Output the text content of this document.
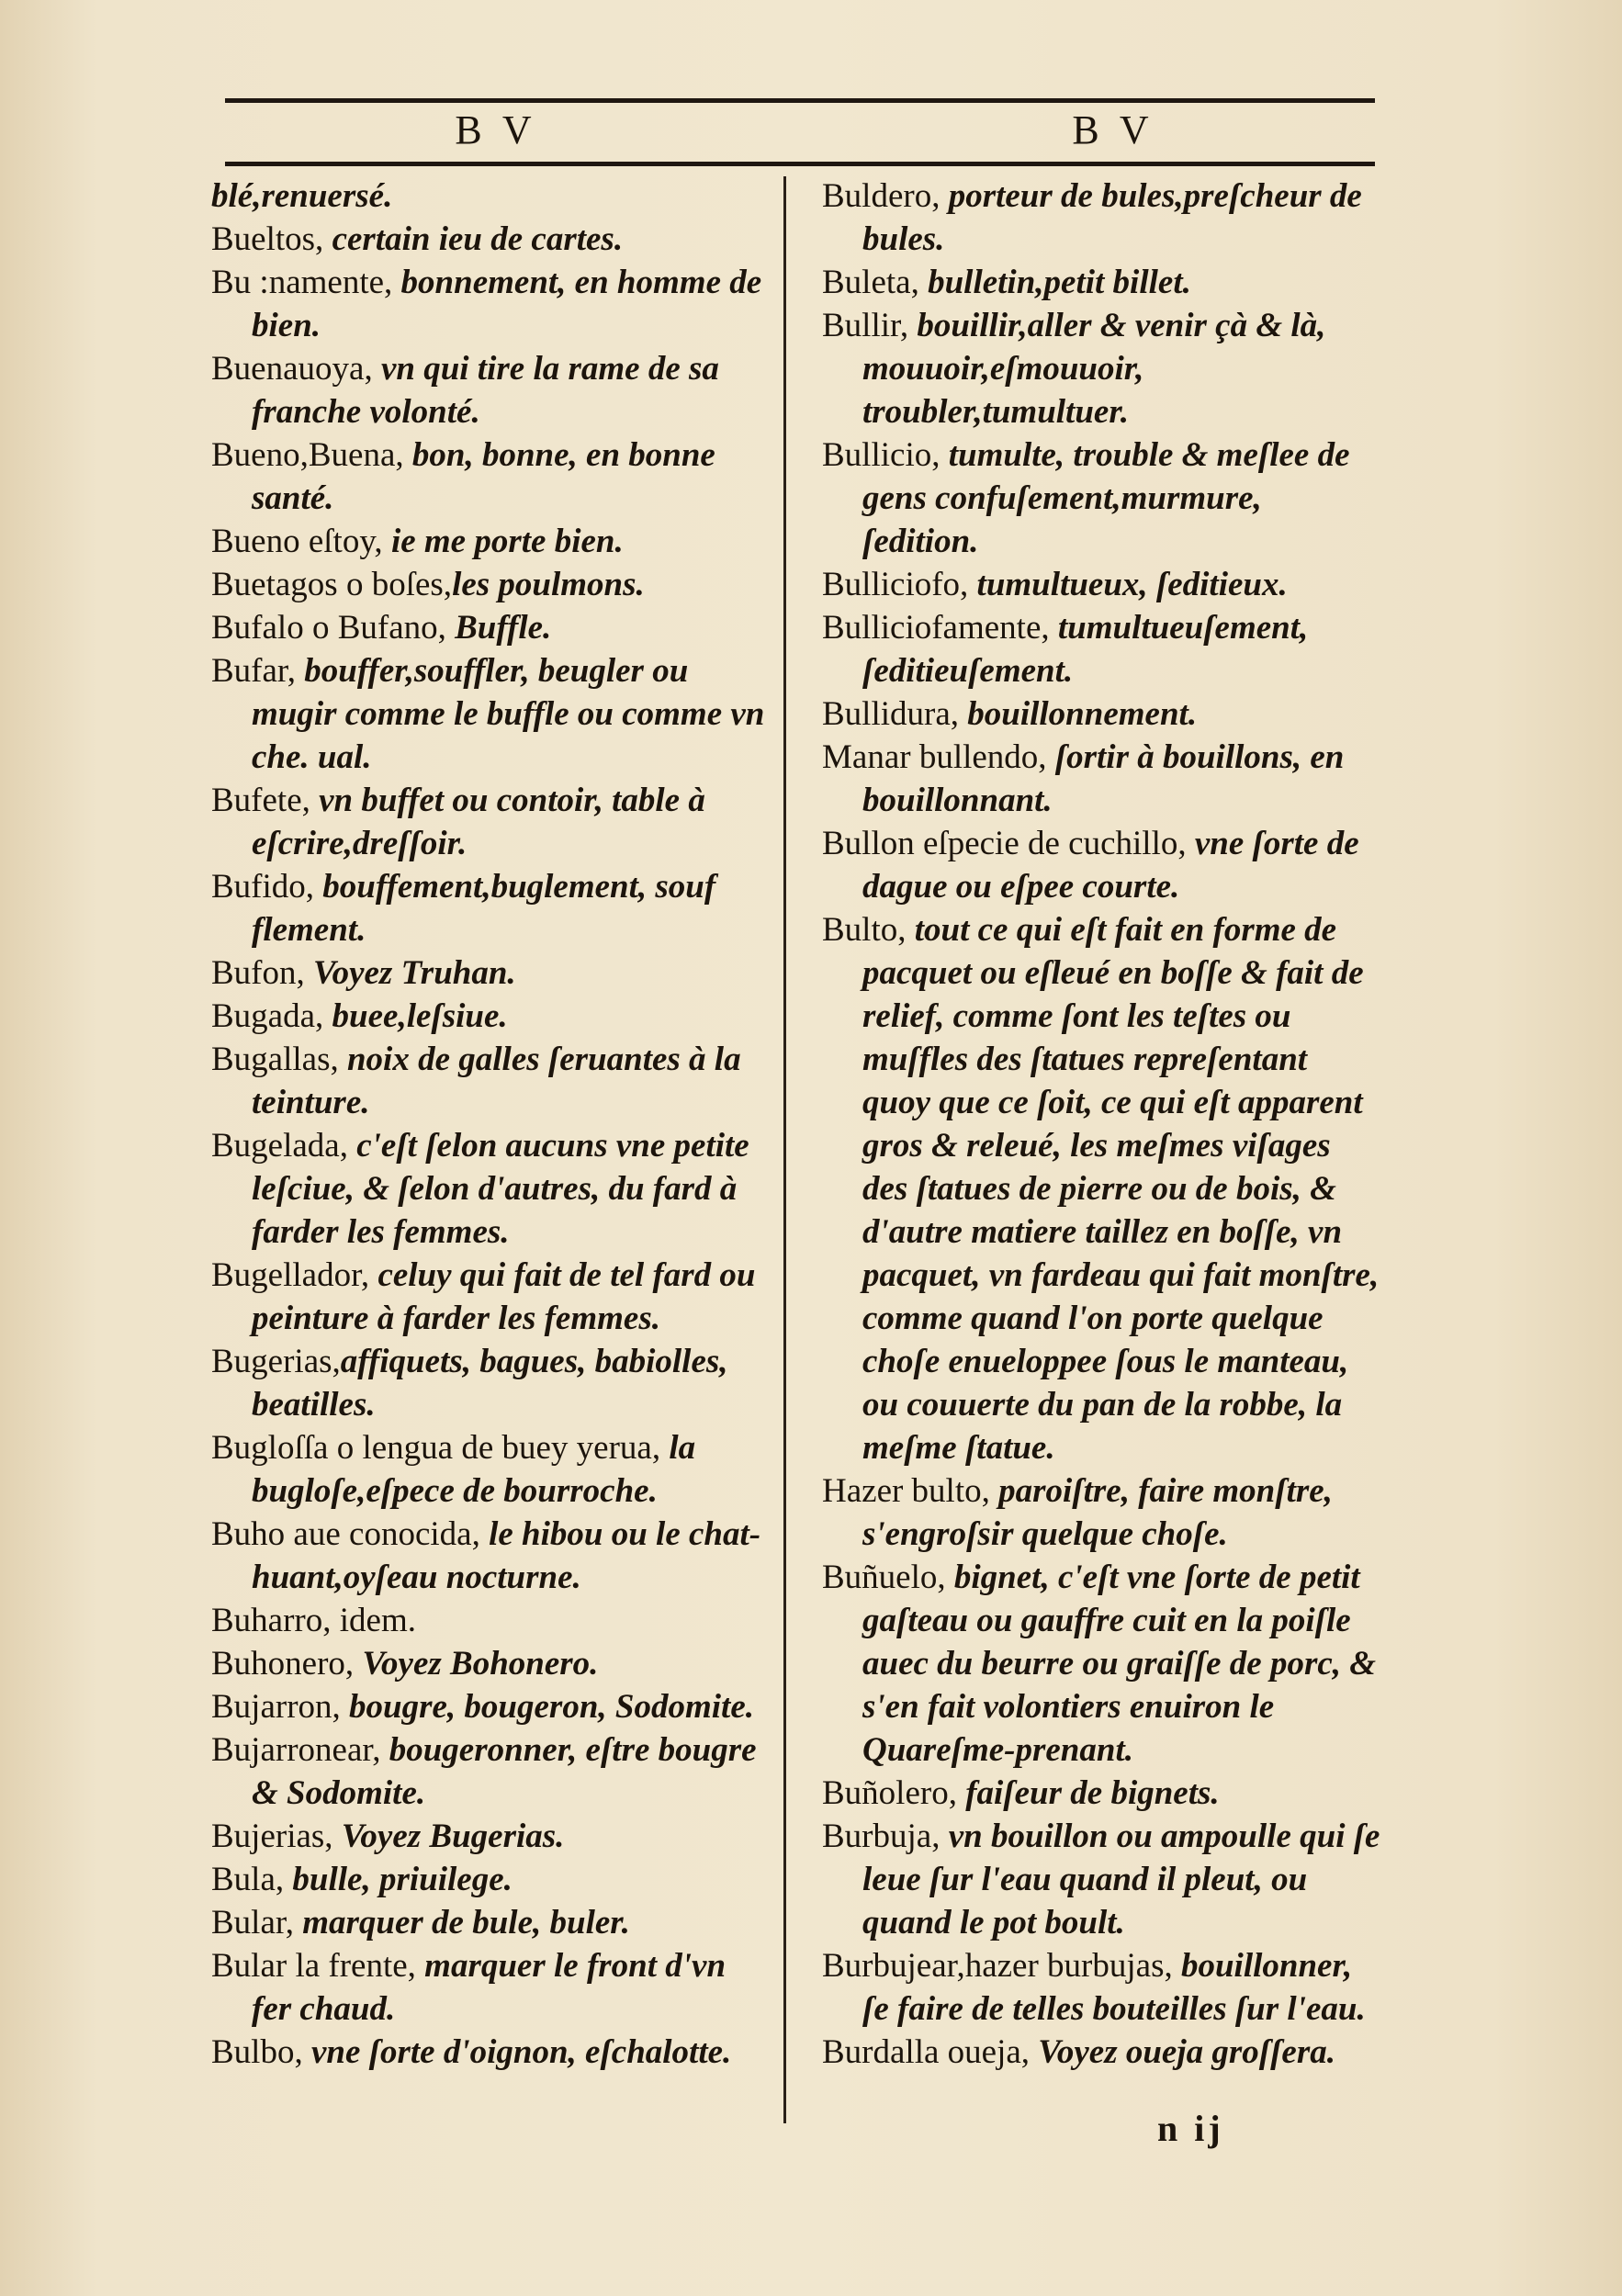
B V	B V

blé,renuersé.

Bueltos, certain ieu de cartes.

Bu :namente, bonnement, en homme de bien.

Buenauoya, vn qui tire la rame de sa franche volonté.

Bueno,Buena, bon, bonne, en bonne santé.

Bueno eſtoy, ie me porte bien.

Buetagos o boſes,les poulmons.

Bufalo o Bufano, Buffle.

Bufar, bouffer,souffler, beugler ou mugir comme le buffle ou comme vn che. ual.

Bufete, vn buffet ou contoir, table à eſcrire,dreſſoir.

Bufido, bouffement,buglement, souf flement.

Bufon, Voyez Truhan.

Bugada, buee,leſsiue.

Bugallas, noix de galles ſeruantes à la teinture.

Bugelada, c'eſt ſelon aucuns vne petite leſciue, & ſelon d'autres, du fard à farder les femmes.

Bugellador, celuy qui fait de tel fard ou peinture à farder les femmes.

Bugerias,affiquets, bagues, babiolles, beatilles.

Bugloſſa o lengua de buey yerua, la bugloſe,eſpece de bourroche.

Buho aue conocida, le hibou ou le chat-huant,oyſeau nocturne.

Buharro, idem.

Buhonero, Voyez Bohonero.

Bujarron, bougre, bougeron, Sodomite.

Bujarronear, bougeronner, eſtre bougre & Sodomite.

Bujerias, Voyez Bugerias.

Bula, bulle, priuilege.

Bular, marquer de bule, buler.

Bular la frente, marquer le front d'vn fer chaud.

Bulbo, vne ſorte d'oignon, eſchalotte.

Buldero, porteur de bules,preſcheur de bules.

Buleta, bulletin,petit billet.

Bullir, bouillir,aller & venir çà & là, mouuoir,eſmouuoir, troubler,tumultuer.

Bullicio, tumulte, trouble & meſlee de gens confuſement,murmure, ſedition.

Bulliciofo, tumultueux, ſeditieux.

Bulliciofamente, tumultueuſement, ſeditieuſement.

Bullidura, bouillonnement.

Manar bullendo, ſortir à bouillons, en bouillonnant.

Bullon eſpecie de cuchillo, vne ſorte de dague ou eſpee courte.

Bulto, tout ce qui eſt fait en forme de pacquet ou eſleué en boſſe & fait de relief, comme ſont les teſtes ou muſfles des ſtatues repreſentant quoy que ce ſoit, ce qui eſt apparent gros & releué, les meſmes viſages des ſtatues de pierre ou de bois, & d'autre matiere taillez en boſſe, vn pacquet, vn fardeau qui fait monſtre, comme quand l'on porte quelque choſe enueloppee ſous le manteau, ou couuerte du pan de la robbe, la meſme ſtatue.

Hazer bulto, paroiſtre, faire monſtre, s'engroſsir quelque choſe.

Buñuelo, bignet, c'eſt vne ſorte de petit gaſteau ou gauffre cuit en la poiſle auec du beurre ou graiſſe de porc, & s'en fait volontiers enuiron le Quareſme-prenant.

Buñolero, faiſeur de bignets.

Burbuja, vn bouillon ou ampoulle qui ſe leue ſur l'eau quand il pleut, ou quand le pot boult.

Burbujear,hazer burbujas, bouillonner, ſe faire de telles bouteilles ſur l'eau.

Burdalla oueja, Voyez oueja groſſera.

n ij
